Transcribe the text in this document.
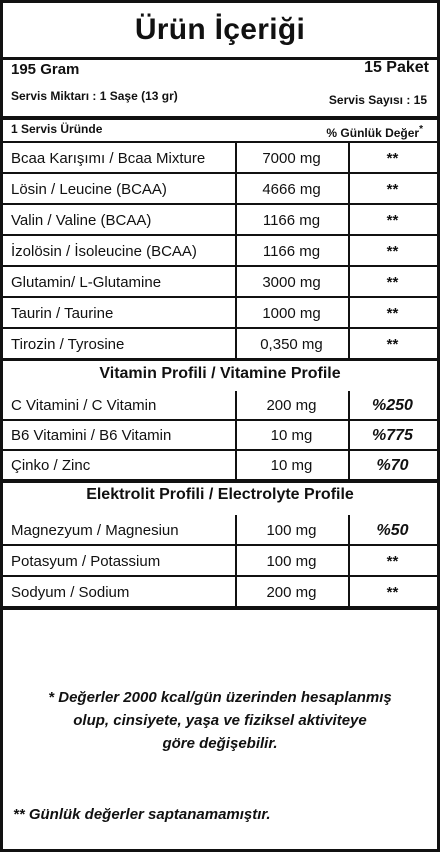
Ürün İçeriği
195 Gram	15 Paket
Servis Miktarı : 1 Saşe (13 gr)	Servis Sayısı : 15
1 Servis Üründe	% Günlük Değer*
Bcaa Karışımı / Bcaa Mixture	7000 mg	**
Lösin / Leucine (BCAA)	4666 mg	**
Valin / Valine (BCAA)	1166 mg	**
İzolösin / İsoleucine (BCAA)	1166 mg	**
Glutamin/ L-Glutamine	3000 mg	**
Taurin / Taurine	1000 mg	**
Tirozin / Tyrosine	0,350 mg	**
Vitamin Profili / Vitamine Profile
C Vitamini / C Vitamin	200 mg	%250
B6 Vitamini / B6 Vitamin	10 mg	%775
Çinko / Zinc	10 mg	%70
Elektrolit Profili / Electrolyte Profile
Magnezyum / Magnesiun	100 mg	%50
Potasyum / Potassium	100 mg	**
Sodyum / Sodium	200 mg	**
* Değerler 2000 kcal/gün üzerinden hesaplanmış
olup, cinsiyete, yaşa ve fiziksel aktiviteye
göre değişebilir.
** Günlük değerler saptanamamıştır.
